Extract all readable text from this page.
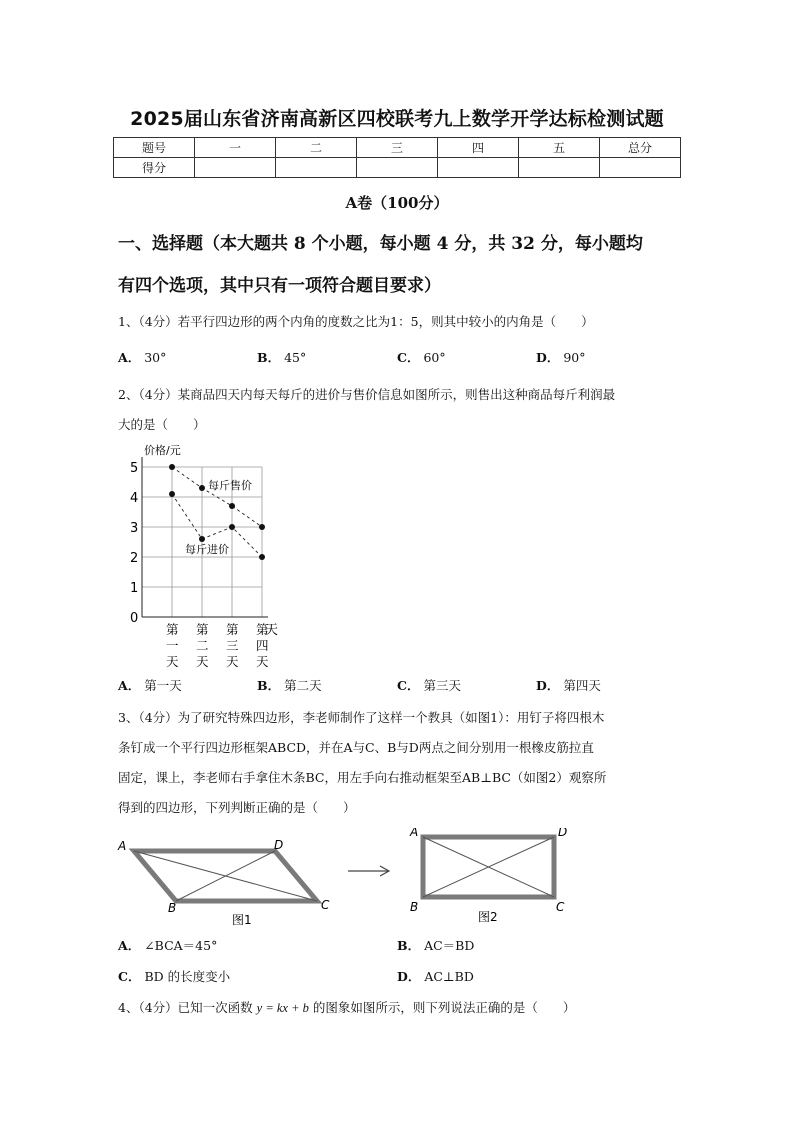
2025届山东省济南高新区四校联考九上数学开学达标检测试题
题号	一	二	三	四	五	总分
得分						
A卷（100分）
一、选择题（本大题共 8 个小题，每小题 4 分，共 32 分，每小题均
有四个选项，其中只有一项符合题目要求）
1、（4分）若平行四边形的两个内角的度数之比为1：5，则其中较小的内角是（　　）
A． 30°	B． 45°	C． 60°	D． 90°
2、（4分）某商品四天内每天每斤的进价与售价信息如图所示，则售出这种商品每斤利润最
大的是（　　）
0
1
2
3
4
5
价格/元
天
第
一
天
第
二
天
第
三
天
第
四
天
每斤售价
每斤进价
A． 第一天	B． 第二天	C． 第三天	D． 第四天
3、（4分）为了研究特殊四边形，李老师制作了这样一个教具（如图1）：用钉子将四根木
条钉成一个平行四边形框架ABCD，并在A与C、B与D两点之间分别用一根橡皮筋拉直
固定，课上，李老师右手拿住木条BC，用左手向右推动框架至AB⊥BC（如图2）观察所
得到的四边形，下列判断正确的是（　　）
A	D
B	C
图1
A	D
B	C
图2
A． ∠BCA＝45°	B． AC＝BD
C． BD 的长度变小	D． AC⊥BD
4、（4分）已知一次函数 y = kx + b 的图象如图所示，则下列说法正确的是（　　）
